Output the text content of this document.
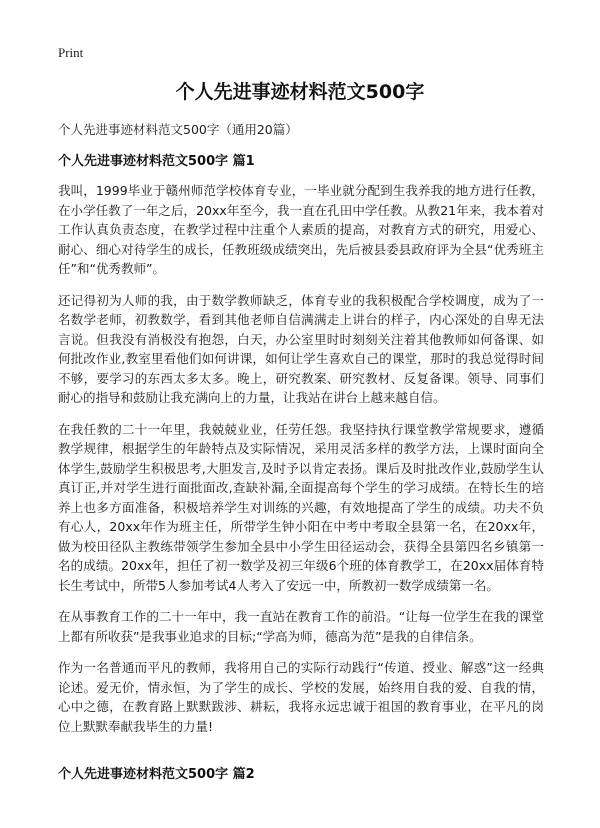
Print
个人先进事迹材料范文500字
个人先进事迹材料范文500字（通用20篇）
个人先进事迹材料范文500字 篇1

我叫，1999毕业于赣州师范学校体育专业，一毕业就分配到生我养我的地方进行任教，在小学任教了一年之后，20xx年至今，我一直在孔田中学任教。从教21年来，我本着对工作认真负责态度，在教学过程中注重个人素质的提高，对教育方式的研究，用爱心、耐心、细心对待学生的成长，任教班级成绩突出，先后被县委县政府评为全县“优秀班主任”和“优秀教师”。

还记得初为人师的我，由于数学教师缺乏，体育专业的我积极配合学校调度，成为了一名数学老师，初教数学，看到其他老师自信满满走上讲台的样子，内心深处的自卑无法言说。但我没有消极没有抱怨，白天，办公室里时时刻刻关注着其他教师如何备课、如何批改作业,教室里看他们如何讲课，如何让学生喜欢自己的课堂，那时的我总觉得时间不够，要学习的东西太多太多。晚上，研究教案、研究教材、反复备课。领导、同事们耐心的指导和鼓励让我充满向上的力量，让我站在讲台上越来越自信。

在我任教的二十一年里，我兢兢业业，任劳任怨。我坚持执行课堂教学常规要求，遵循教学规律，根据学生的年龄特点及实际情况，采用灵活多样的教学方法，上课时面向全体学生,鼓励学生积极思考,大胆发言,及时予以肯定表扬。课后及时批改作业,鼓励学生认真订正,并对学生进行面批面改,查缺补漏,全面提高每个学生的学习成绩。在特长生的培养上也多方面准备，积极培养学生对训练的兴趣，有效地提高了学生的成绩。功夫不负有心人，20xx年作为班主任，所带学生钟小阳在中考中考取全县第一名，在20xx年，做为校田径队主教练带领学生参加全县中小学生田径运动会，获得全县第四名乡镇第一名的成绩。20xx年，担任了初一数学及初三年级6个班的体育教学工，在20xx届体育特长生考试中，所带5人参加考试4人考入了安远一中，所教初一数学成绩第一名。

在从事教育工作的二十一年中，我一直站在教育工作的前沿。“让每一位学生在我的课堂上都有所收获”是我事业追求的目标;“学高为师，德高为范”是我的自律信条。

作为一名普通而平凡的教师，我将用自己的实际行动践行“传道、授业、解惑”这一经典论述。爱无价，情永恒，为了学生的成长、学校的发展，始终用自我的爱、自我的情，心中之德，在教育路上默默跋涉、耕耘，我将永远忠诚于祖国的教育事业，在平凡的岗位上默默奉献我毕生的力量!

个人先进事迹材料范文500字 篇2
